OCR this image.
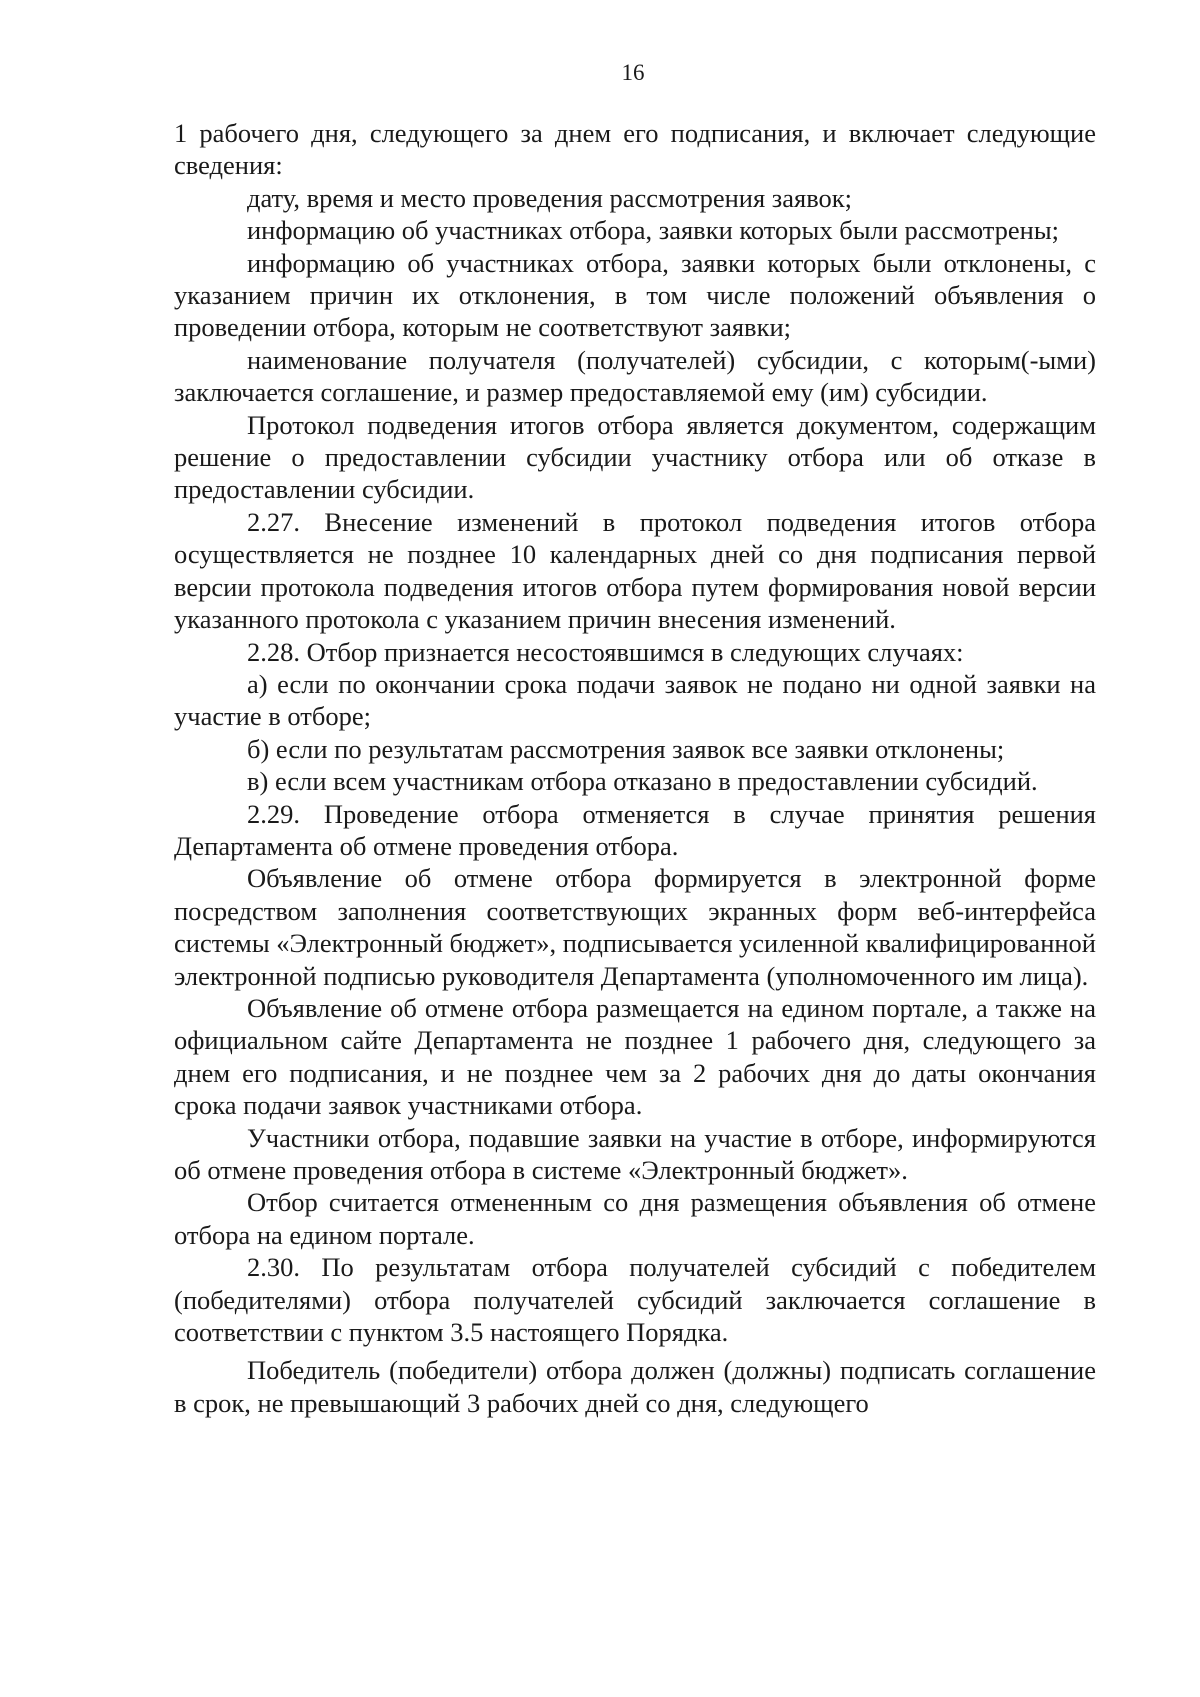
16

1 рабочего дня, следующего за днем его подписания, и включает следующие сведения:

дату, время и место проведения рассмотрения заявок;

информацию об участниках отбора, заявки которых были рассмотрены;

информацию об участниках отбора, заявки которых были отклонены, с указанием причин их отклонения, в том числе положений объявления о проведении отбора, которым не соответствуют заявки;

наименование получателя (получателей) субсидии, с которым(-ыми) заключается соглашение, и размер предоставляемой ему (им) субсидии.

Протокол подведения итогов отбора является документом, содержащим решение о предоставлении субсидии участнику отбора или об отказе в предоставлении субсидии.

2.27. Внесение изменений в протокол подведения итогов отбора осуществляется не позднее 10 календарных дней со дня подписания первой версии протокола подведения итогов отбора путем формирования новой версии указанного протокола с указанием причин внесения изменений.

2.28. Отбор признается несостоявшимся в следующих случаях:

а) если по окончании срока подачи заявок не подано ни одной заявки на участие в отборе;

б) если по результатам рассмотрения заявок все заявки отклонены;

в) если всем участникам отбора отказано в предоставлении субсидий.

2.29. Проведение отбора отменяется в случае принятия решения Департамента об отмене проведения отбора.

Объявление об отмене отбора формируется в электронной форме посредством заполнения соответствующих экранных форм веб-интерфейса системы «Электронный бюджет», подписывается усиленной квалифицированной электронной подписью руководителя Департамента (уполномоченного им лица).

Объявление об отмене отбора размещается на едином портале, а также на официальном сайте Департамента не позднее 1 рабочего дня, следующего за днем его подписания, и не позднее чем за 2 рабочих дня до даты окончания срока подачи заявок участниками отбора.

Участники отбора, подавшие заявки на участие в отборе, информируются об отмене проведения отбора в системе «Электронный бюджет».

Отбор считается отмененным со дня размещения объявления об отмене отбора на едином портале.

2.30. По результатам отбора получателей субсидий с победителем (победителями) отбора получателей субсидий заключается соглашение в соответствии с пунктом 3.5 настоящего Порядка.

Победитель (победители) отбора должен (должны) подписать соглашение в срок, не превышающий 3 рабочих дней со дня, следующего
